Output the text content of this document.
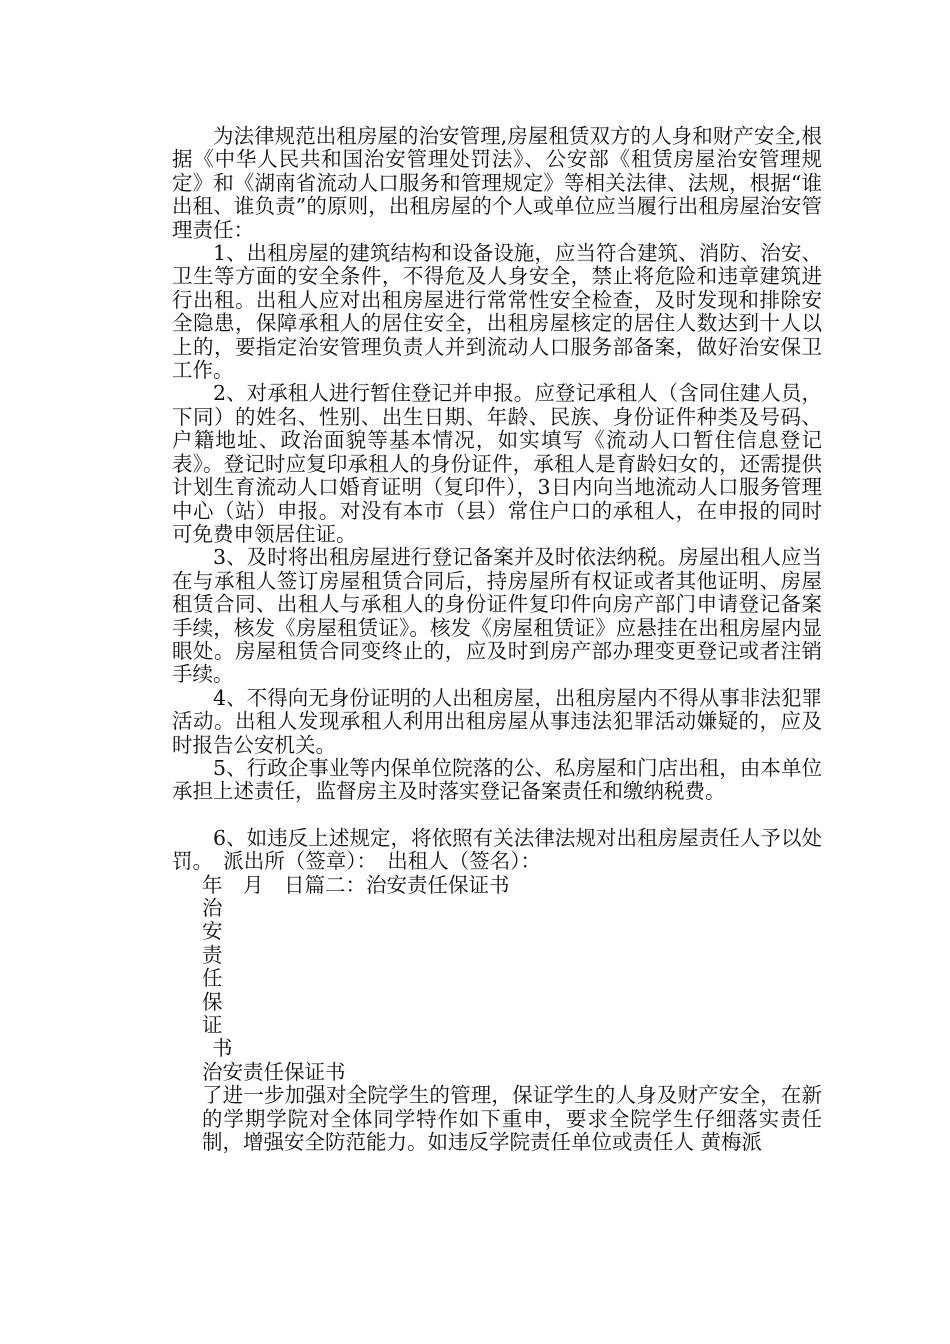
为法律规范出租房屋的治安管理,房屋租赁双方的人身和财产安全,根据《中华人民共和国治安管理处罚法》、公安部《租赁房屋治安管理规定》和《湖南省流动人口服务和管理规定》等相关法律、法规，根据“谁出租、谁负责”的原则，出租房屋的个人或单位应当履行出租房屋治安管理责任：

1、出租房屋的建筑结构和设备设施，应当符合建筑、消防、治安、卫生等方面的安全条件，不得危及人身安全，禁止将危险和违章建筑进行出租。出租人应对出租房屋进行常常性安全检查，及时发现和排除安全隐患，保障承租人的居住安全，出租房屋核定的居住人数达到十人以上的，要指定治安管理负责人并到流动人口服务部备案，做好治安保卫工作。

2、对承租人进行暂住登记并申报。应登记承租人（含同住建人员，下同）的姓名、性别、出生日期、年龄、民族、身份证件种类及号码、户籍地址、政治面貌等基本情况，如实填写《流动人口暂住信息登记表》。登记时应复印承租人的身份证件，承租人是育龄妇女的，还需提供计划生育流动人口婚育证明（复印件），3日内向当地流动人口服务管理中心（站）申报。对没有本市（县）常住户口的承租人，在申报的同时可免费申领居住证。

3、及时将出租房屋进行登记备案并及时依法纳税。房屋出租人应当在与承租人签订房屋租赁合同后，持房屋所有权证或者其他证明、房屋租赁合同、出租人与承租人的身份证件复印件向房产部门申请登记备案手续，核发《房屋租赁证》。核发《房屋租赁证》应悬挂在出租房屋内显眼处。房屋租赁合同变终止的，应及时到房产部办理变更登记或者注销手续。

4、不得向无身份证明的人出租房屋，出租房屋内不得从事非法犯罪活动。出租人发现承租人利用出租房屋从事违法犯罪活动嫌疑的，应及时报告公安机关。

5、行政企事业等内保单位院落的公、私房屋和门店出租，由本单位承担上述责任，监督房主及时落实登记备案责任和缴纳税费。

6、如违反上述规定，将依照有关法律法规对出租房屋责任人予以处罚。　派出所（签章）：　出租人（签名）：

年　月　日篇二：治安责任保证书

治

安

责

任

保

证

书

治安责任保证书

了进一步加强对全院学生的管理，保证学生的人身及财产安全，在新的学期学院对全体同学特作如下重申，要求全院学生仔细落实责任制，增强安全防范能力。如违反学院责任单位或责任人 黄梅派
